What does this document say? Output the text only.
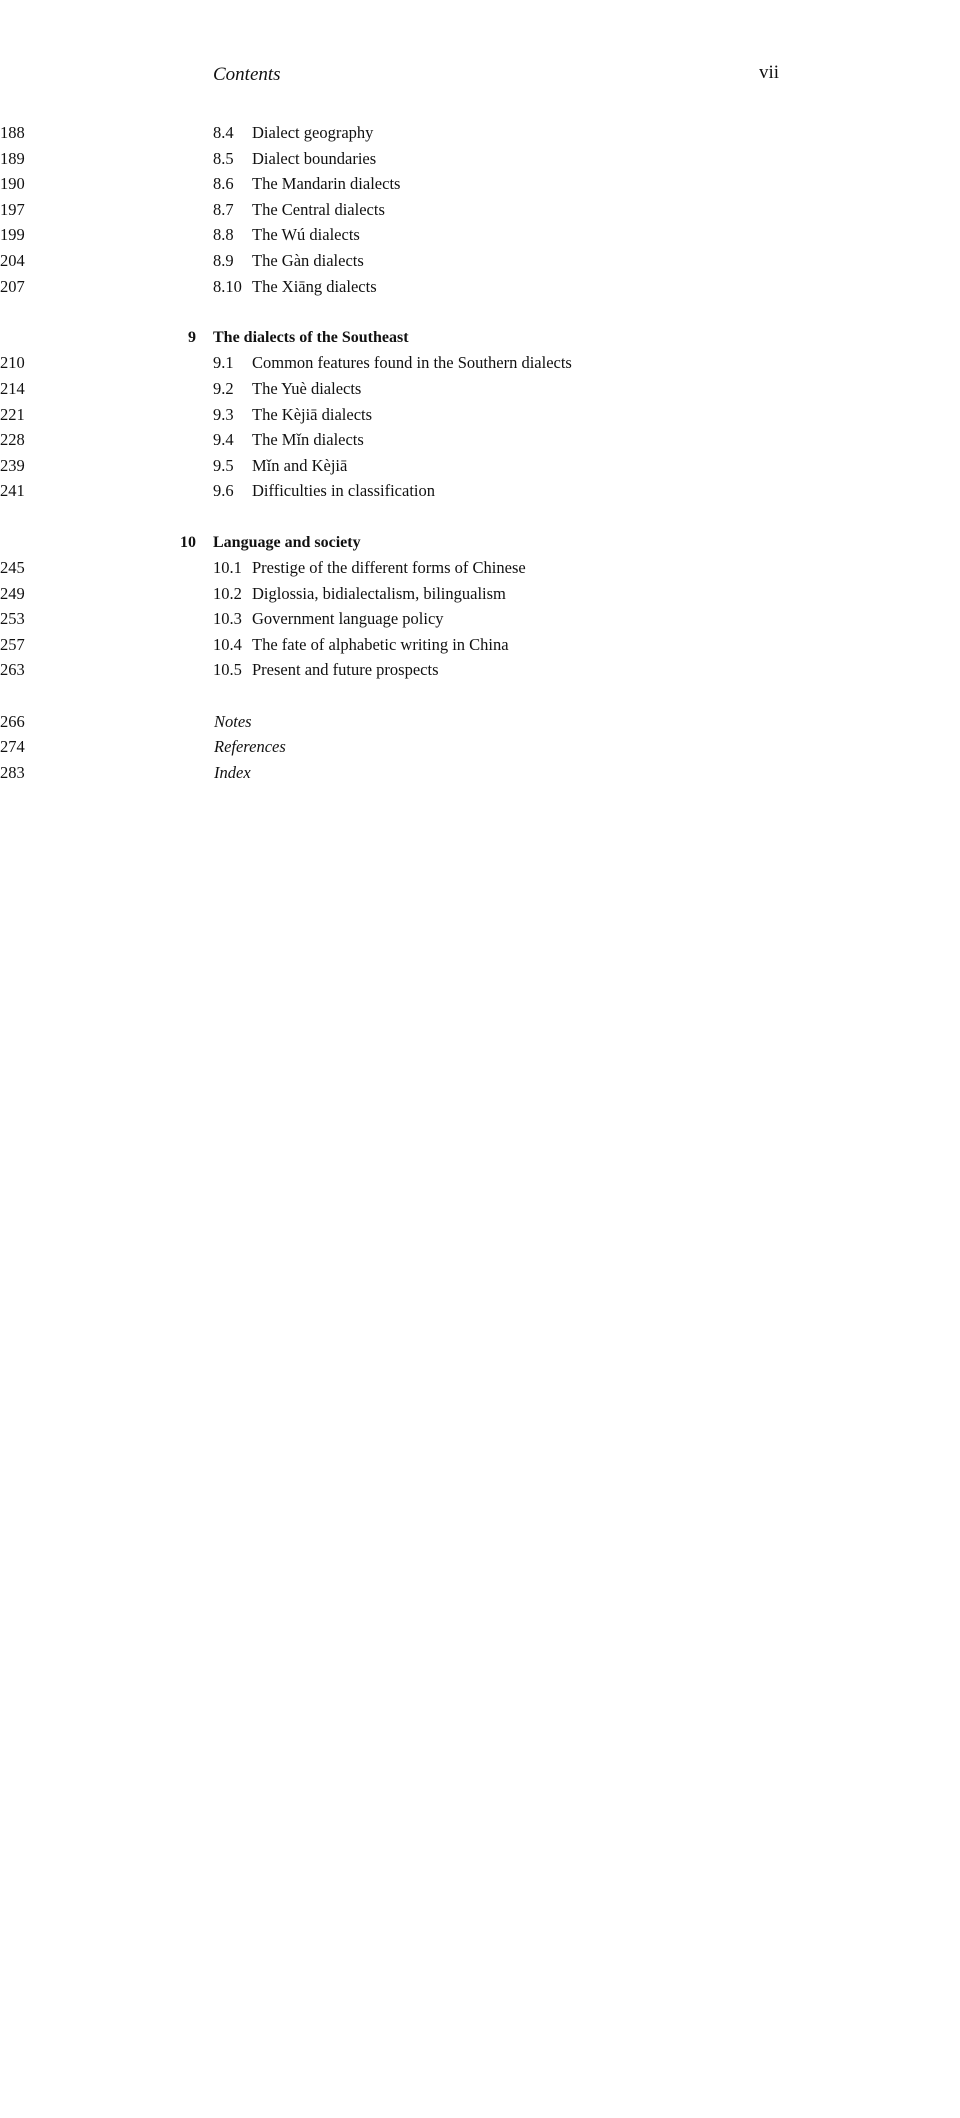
Contents	vii
8.4 Dialect geography
188
8.5 Dialect boundaries
189
8.6 The Mandarin dialects
190
8.7 The Central dialects
197
8.8 The Wú dialects
199
8.9 The Gàn dialects
204
8.10 The Xiāng dialects
207
9 The dialects of the Southeast
9.1 Common features found in the Southern dialects
210
9.2 The Yuè dialects
214
9.3 The Kèjiā dialects
221
9.4 The Mǐn dialects
228
9.5 Mǐn and Kèjiā
239
9.6 Difficulties in classification
241
10 Language and society
10.1 Prestige of the different forms of Chinese
245
10.2 Diglossia, bidialectalism, bilingualism
249
10.3 Government language policy
253
10.4 The fate of alphabetic writing in China
257
10.5 Present and future prospects
263
Notes
266
References
274
Index
283
